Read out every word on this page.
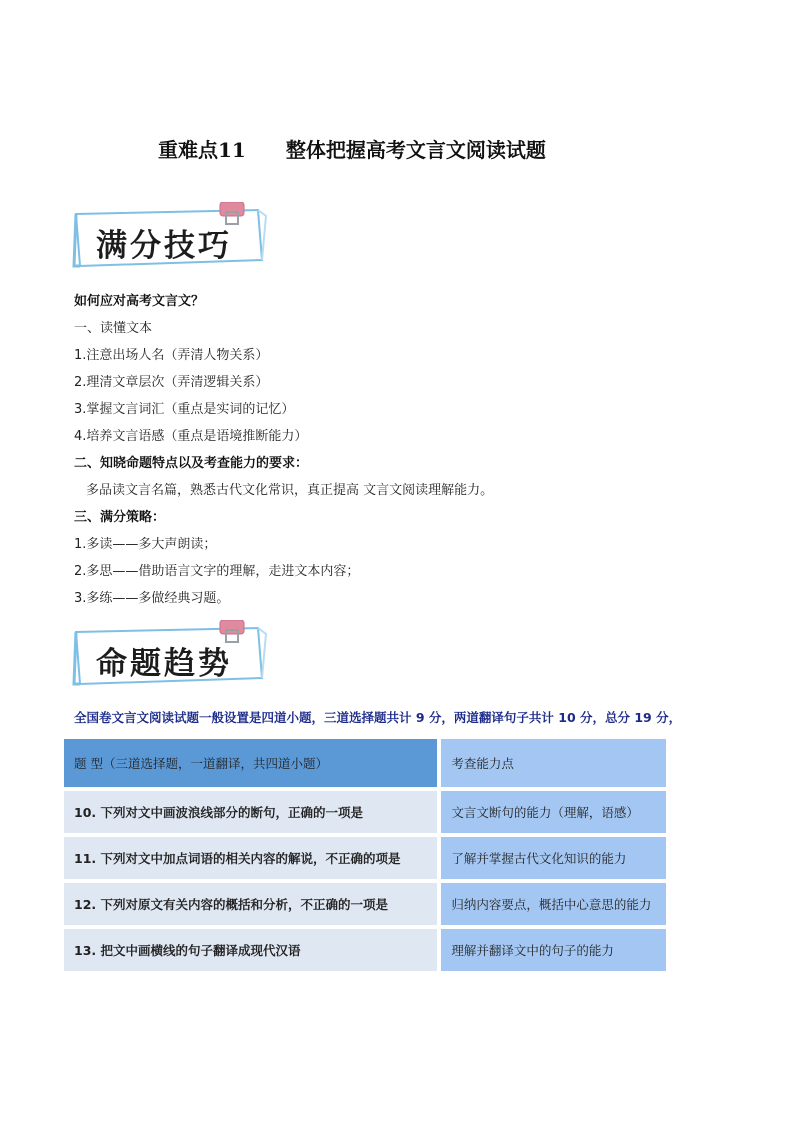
重难点11　　整体把握高考文言文阅读试题
满分技巧
如何应对高考文言文？
一、读懂文本
1.注意出场人名（弄清人物关系）
2.理清文章层次（弄清逻辑关系）
3.掌握文言词汇（重点是实词的记忆）
4.培养文言语感（重点是语境推断能力）
二、知晓命题特点以及考查能力的要求：
多品读文言名篇，熟悉古代文化常识，真正提高 文言文阅读理解能力。
三、满分策略：
1.多读——多大声朗读；
2.多思——借助语言文字的理解，走进文本内容；
3.多练——多做经典习题。
命题趋势
全国卷文言文阅读试题一般设置是四道小题，三道选择题共计 9 分，两道翻译句子共计 10 分，总分 19 分，
题 型（三道选择题，一道翻译，共四道小题）	考查能力点
10. 下列对文中画波浪线部分的断句，正确的一项是	文言文断句的能力（理解，语感）
11. 下列对文中加点词语的相关内容的解说，不正确的项是	了解并掌握古代文化知识的能力
12. 下列对原文有关内容的概括和分析，不正确的一项是	归纳内容要点，概括中心意思的能力
13. 把文中画横线的句子翻译成现代汉语	理解并翻译文中的句子的能力
